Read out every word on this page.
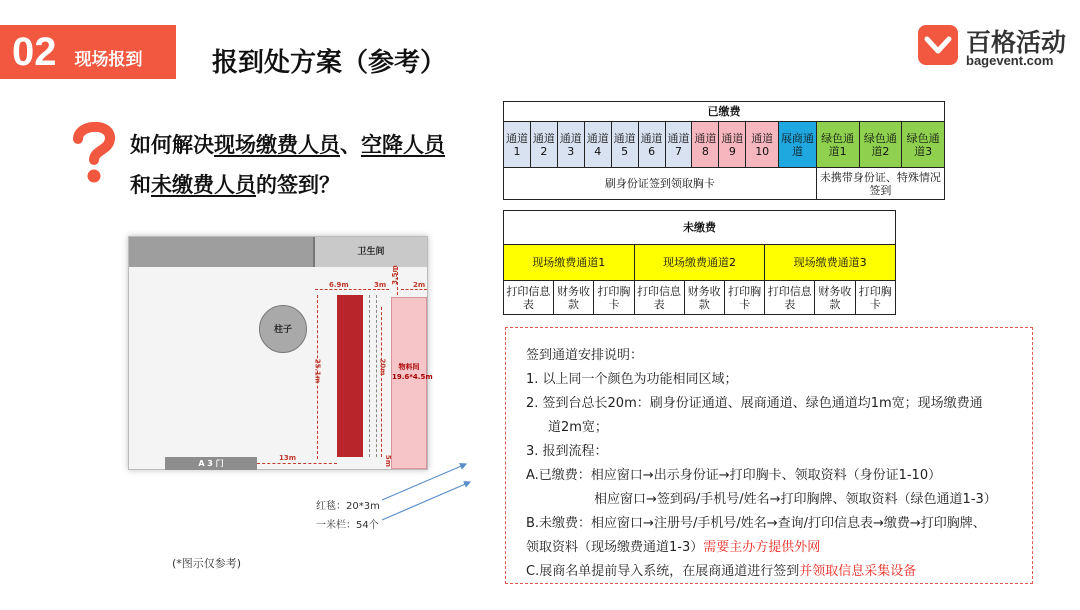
02 现场报到	报到处方案（参考）
百格活动
bagevent.com
如何解决现场缴费人员、空降人员
和未缴费人员的签到？
卫生间
柱子
A 3 门
物料间
19.6*4.5m
6.9m	3m
3.5m
2m
25.1m	20m
13m	5m
红毯：20*3m
一米栏：54个
(*图示仅参考)
已缴费													
通道1	通道2	通道3	通道4	通道5	通道6	通道7	通道8	通道9	通道10	展商通道	绿色通道1	绿色通道2	绿色通道3
刷身份证签到领取胸卡											未携带身份证、特殊情况签到		
未缴费								
现场缴费通道1			现场缴费通道2			现场缴费通道3		
打印信息表	财务收款	打印胸卡	打印信息表	财务收款	打印胸卡	打印信息表	财务收款	打印胸卡
签到通道安排说明：
1. 以上同一个颜色为功能相同区域；
2. 签到台总长20m：刷身份证通道、展商通道、绿色通道均1m宽；现场缴费通
道2m宽；
3. 报到流程：
A.已缴费：相应窗口→出示身份证→打印胸卡、领取资料（身份证1-10）
相应窗口→签到码/手机号/姓名→打印胸牌、领取资料（绿色通道1-3）
B.未缴费：相应窗口→注册号/手机号/姓名→查询/打印信息表→缴费→打印胸牌、
领取资料（现场缴费通道1-3）需要主办方提供外网
C.展商名单提前导入系统，在展商通道进行签到并领取信息采集设备
